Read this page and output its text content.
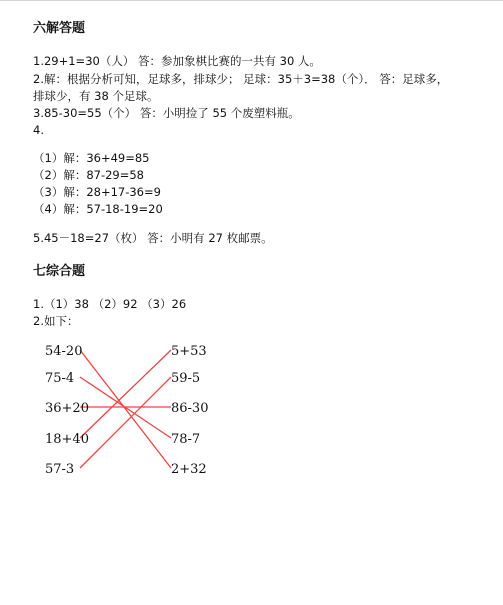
六解答题
1.29+1=30（人） 答：参加象棋比赛的一共有 30 人。
2.解：根据分析可知，足球多，排球少； 足球：35＋3=38（个）． 答：足球多，
排球少，有 38 个足球。
3.85-30=55（个） 答：小明捡了 55 个废塑料瓶。
4.
（1）解：36+49=85
（2）解：87-29=58
（3）解：28+17-36=9
（4）解：57-18-19=20
5.45－18=27（枚） 答：小明有 27 枚邮票。
七综合题
1.（1）38 （2）92 （3）26
2.如下：
54-20
75-4
36+20
18+40
57-3
5+53
59-5
86-30
78-7
2+32
